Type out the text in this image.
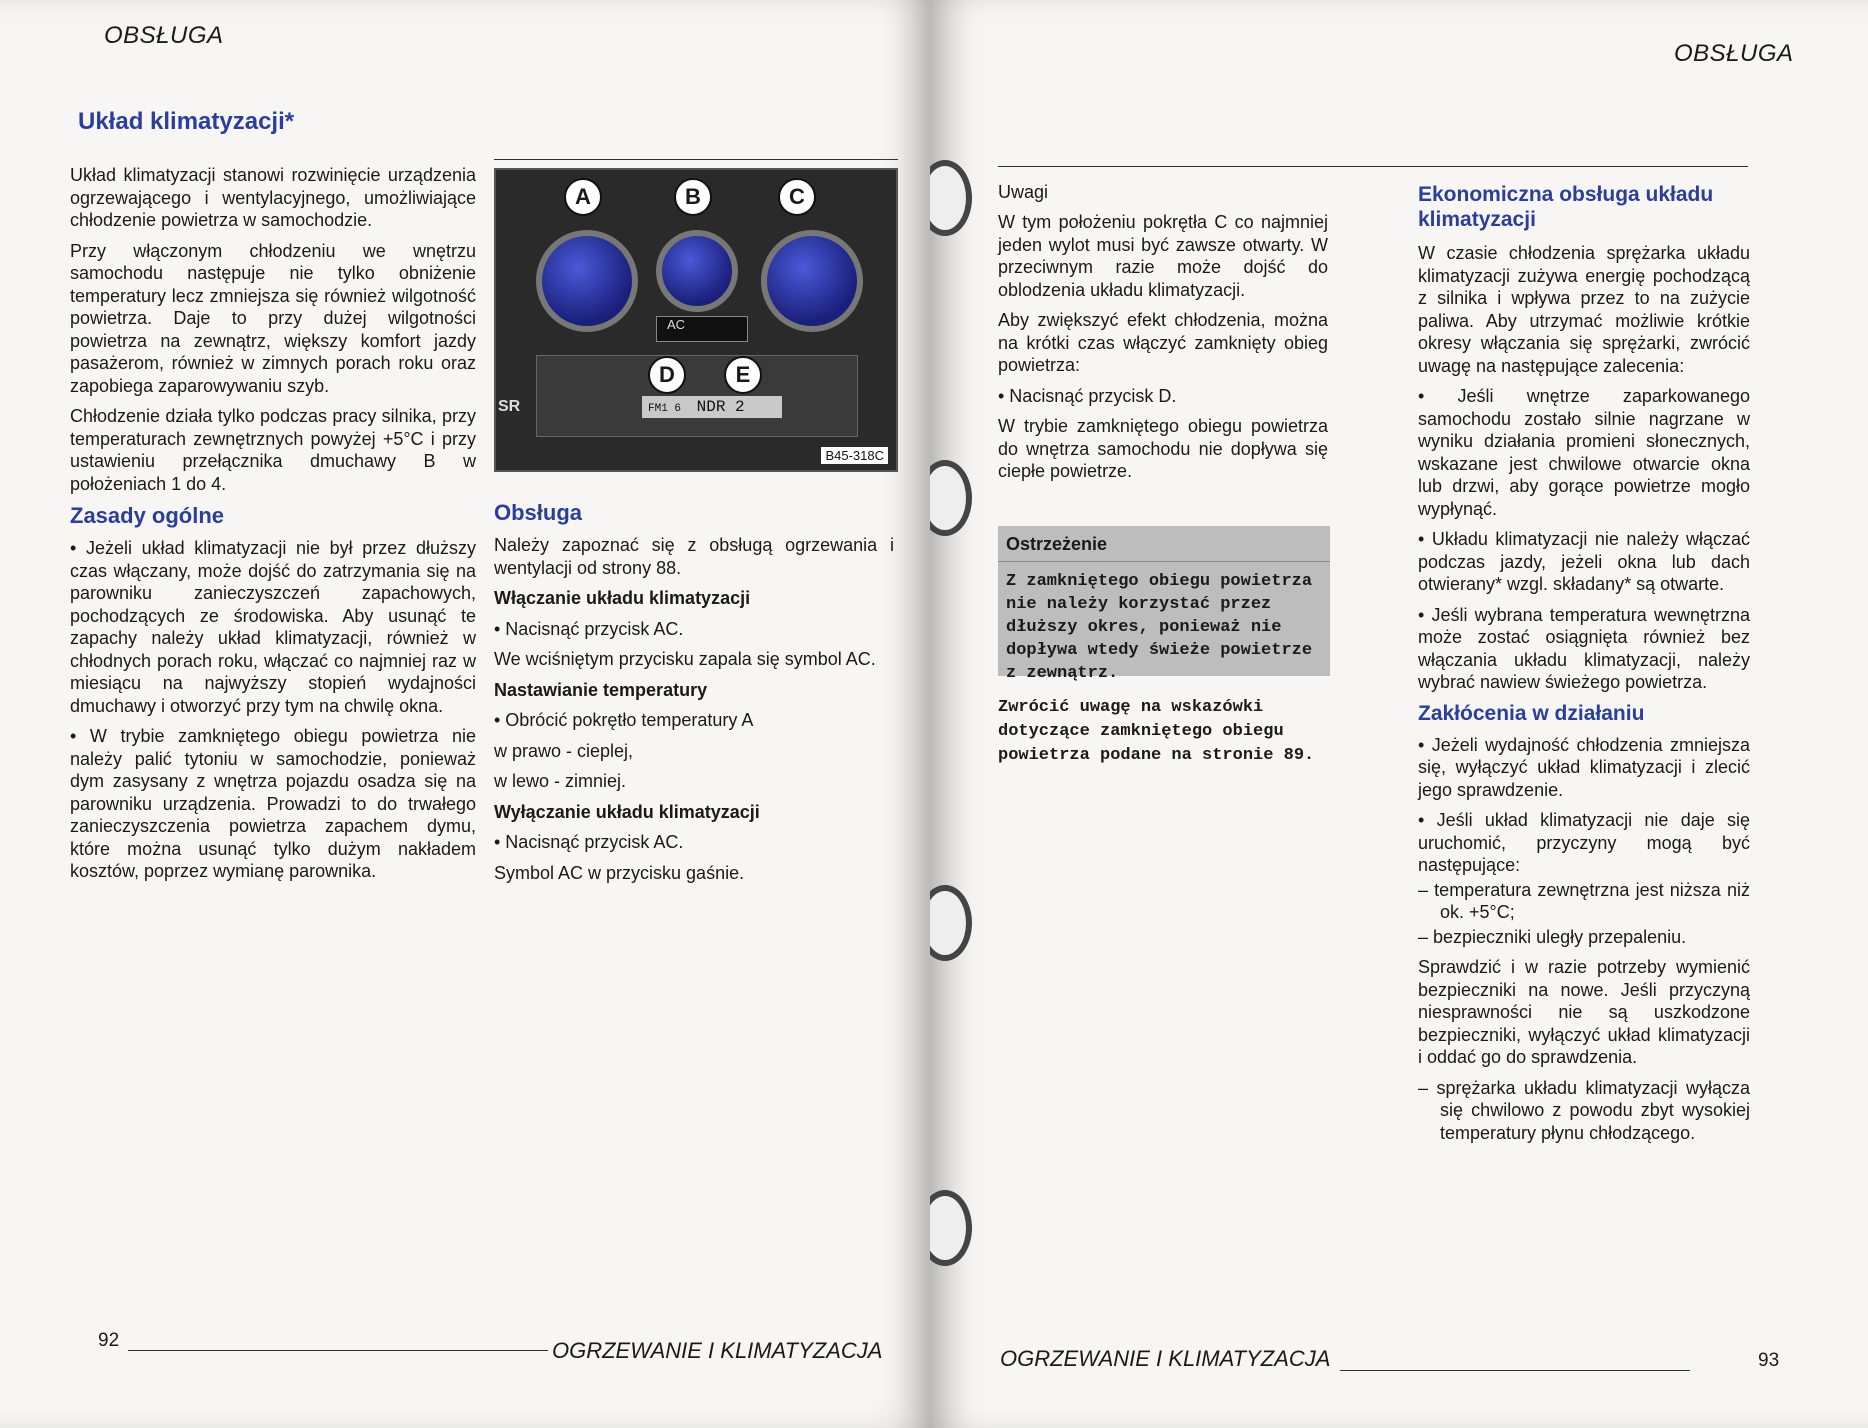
OBSŁUGA
Układ klimatyzacji*

Układ klimatyzacji stanowi rozwinięcie urządzenia ogrzewającego i wentylacyjnego, umożliwiające chłodzenie powietrza w samochodzie.

Przy włączonym chłodzeniu we wnętrzu samochodu następuje nie tylko obniżenie temperatury lecz zmniejsza się również wilgotność powietrza. Daje to przy dużej wilgotności powietrza na zewnątrz, większy komfort jazdy pasażerom, również w zimnych porach roku oraz zapobiega zaparowywaniu szyb.

Chłodzenie działa tylko podczas pracy silnika, przy temperaturach zewnętrznych powyżej +5°C i przy ustawieniu przełącznika dmuchawy B w położeniach 1 do 4.

Zasady ogólne

• Jeżeli układ klimatyzacji nie był przez dłuższy czas włączany, może dojść do zatrzymania się na parowniku zanieczyszczeń zapachowych, pochodzących ze środowiska. Aby usunąć te zapachy należy układ klimatyzacji, również w chłodnych porach roku, włączać co najmniej raz w miesiącu na najwyższy stopień wydajności dmuchawy i otworzyć przy tym na chwilę okna.

• W trybie zamkniętego obiegu powietrza nie należy palić tytoniu w samochodzie, ponieważ dym zasysany z wnętrza pojazdu osadza się na parowniku urządzenia. Prowadzi to do trwałego zanieczyszczenia powietrza zapachem dymu, które można usunąć tylko dużym nakładem kosztów, poprzez wymianę parownika.

AC
FM1 6 NDR 2
SR
A	B	C
D	E
B45-318C
Obsługa

Należy zapoznać się z obsługą ogrzewania i wentylacji od strony 88.

Włączanie układu klimatyzacji

• Nacisnąć przycisk AC.

We wciśniętym przycisku zapala się symbol AC.

Nastawianie temperatury

• Obrócić pokrętło temperatury A

w prawo - cieplej,

w lewo - zimniej.

Wyłączanie układu klimatyzacji

• Nacisnąć przycisk AC.

Symbol AC w przycisku gaśnie.

92	OGRZEWANIE I KLIMATYZACJA
OBSŁUGA
Uwagi

W tym położeniu pokrętła C co najmniej jeden wylot musi być zawsze otwarty. W przeciwnym razie może dojść do oblodzenia układu klimatyzacji.

Aby zwiększyć efekt chłodzenia, można na krótki czas włączyć zamknięty obieg powietrza:

• Nacisnąć przycisk D.

W trybie zamkniętego obiegu powietrza do wnętrza samochodu nie dopływa się ciepłe powietrze.

Ostrzeżenie
Z zamkniętego obiegu powietrza nie należy korzystać przez dłuższy okres, ponieważ nie dopływa wtedy świeże powietrze z zewnątrz.
Zwrócić uwagę na wskazówki dotyczące zamkniętego obiegu powietrza podane na stronie 89.
Ekonomiczna obsługa układu klimatyzacji

W czasie chłodzenia sprężarka układu klimatyzacji zużywa energię pochodzącą z silnika i wpływa przez to na zużycie paliwa. Aby utrzymać możliwie krótkie okresy włączania się sprężarki, zwrócić uwagę na następujące zalecenia:

• Jeśli wnętrze zaparkowanego samochodu zostało silnie nagrzane w wyniku działania promieni słonecznych, wskazane jest chwilowe otwarcie okna lub drzwi, aby gorące powietrze mogło wypłynąć.

• Układu klimatyzacji nie należy włączać podczas jazdy, jeżeli okna lub dach otwierany* wzgl. składany* są otwarte.

• Jeśli wybrana temperatura wewnętrzna może zostać osiągnięta również bez włączania układu klimatyzacji, należy wybrać nawiew świeżego powietrza.

Zakłócenia w działaniu

• Jeżeli wydajność chłodzenia zmniejsza się, wyłączyć układ klimatyzacji i zlecić jego sprawdzenie.

• Jeśli układ klimatyzacji nie daje się uruchomić, przyczyny mogą być następujące:

– temperatura zewnętrzna jest niższa niż ok. +5°C;

– bezpieczniki uległy przepaleniu.

Sprawdzić i w razie potrzeby wymienić bezpieczniki na nowe. Jeśli przyczyną niesprawności nie są uszkodzone bezpieczniki, wyłączyć układ klimatyzacji i oddać go do sprawdzenia.

– sprężarka układu klimatyzacji wyłącza się chwilowo z powodu zbyt wysokiej temperatury płynu chłodzącego.

OGRZEWANIE I KLIMATYZACJA	93
